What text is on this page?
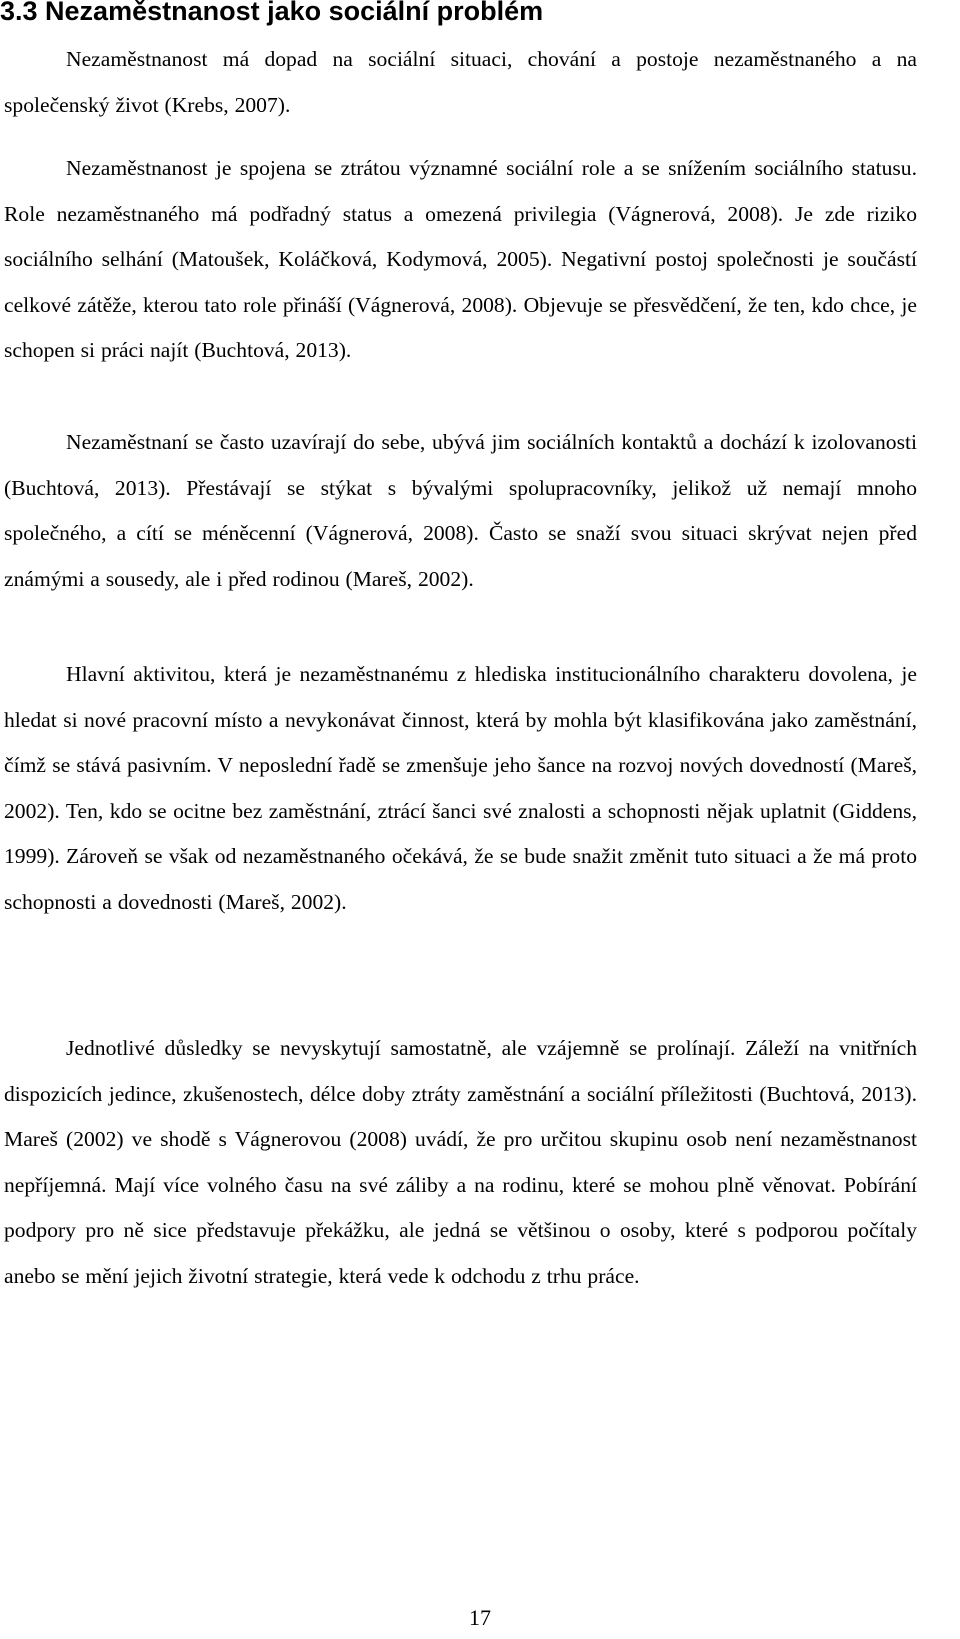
3.3 Nezaměstnanost jako sociální problém

Nezaměstnanost má dopad na sociální situaci, chování a postoje nezaměstnaného a na společenský život (Krebs, 2007).

Nezaměstnanost je spojena se ztrátou významné sociální role a se snížením sociálního statusu. Role nezaměstnaného má podřadný status a omezená privilegia (Vágnerová, 2008). Je zde riziko sociálního selhání (Matoušek, Koláčková, Kodymová, 2005). Negativní postoj společnosti je součástí celkové zátěže, kterou tato role přináší (Vágnerová, 2008). Objevuje se přesvědčení, že ten, kdo chce, je schopen si práci najít (Buchtová, 2013).

Nezaměstnaní se často uzavírají do sebe, ubývá jim sociálních kontaktů a dochází k izolovanosti (Buchtová, 2013). Přestávají se stýkat s bývalými spolupracovníky, jelikož už nemají mnoho společného, a cítí se méněcenní (Vágnerová, 2008). Často se snaží svou situaci skrývat nejen před známými a sousedy, ale i před rodinou (Mareš, 2002).

Hlavní aktivitou, která je nezaměstnanému z hlediska institucionálního charakteru dovolena, je hledat si nové pracovní místo a nevykonávat činnost, která by mohla být klasifikována jako zaměstnání, čímž se stává pasivním. V neposlední řadě se zmenšuje jeho šance na rozvoj nových dovedností (Mareš, 2002). Ten, kdo se ocitne bez zaměstnání, ztrácí šanci své znalosti a schopnosti nějak uplatnit (Giddens, 1999). Zároveň se však od nezaměstnaného očekává, že se bude snažit změnit tuto situaci a že má proto schopnosti a dovednosti (Mareš, 2002).

Jednotlivé důsledky se nevyskytují samostatně, ale vzájemně se prolínají. Záleží na vnitřních dispozicích jedince, zkušenostech, délce doby ztráty zaměstnání a sociální příležitosti (Buchtová, 2013). Mareš (2002) ve shodě s Vágnerovou (2008) uvádí, že pro určitou skupinu osob není nezaměstnanost nepříjemná. Mají více volného času na své záliby a na rodinu, které se mohou plně věnovat. Pobírání podpory pro ně sice představuje překážku, ale jedná se většinou o osoby, které s podporou počítaly anebo se mění jejich životní strategie, která vede k odchodu z trhu práce.

17
